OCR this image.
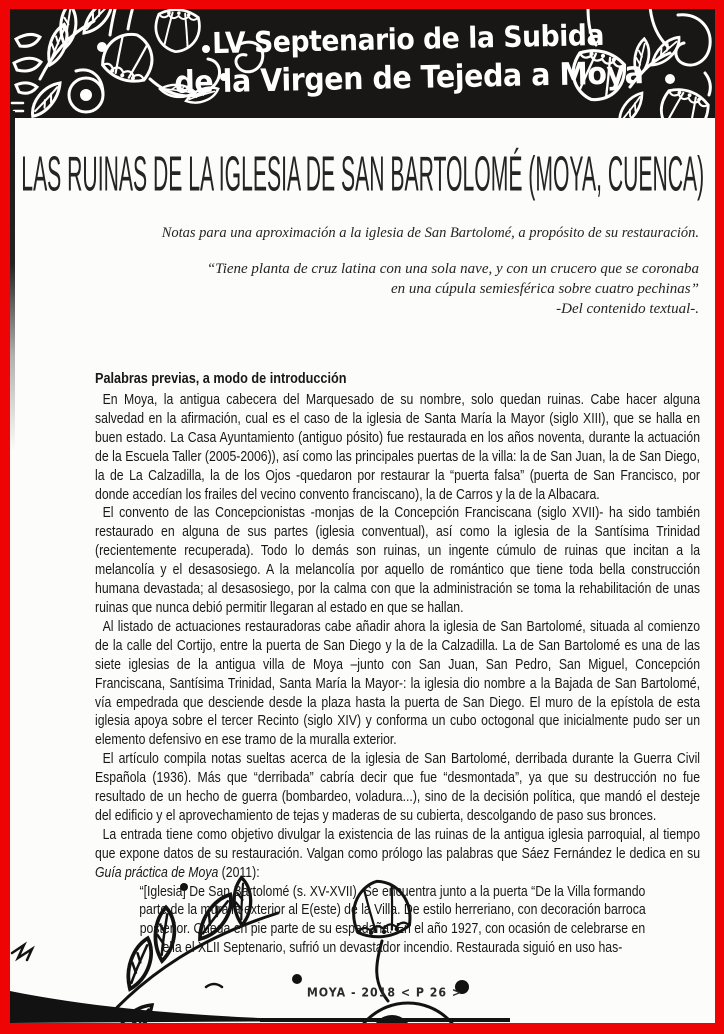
LV Septenario de la Subida
de la Virgen de Tejeda a Moya
LAS RUINAS DE LA IGLESIA DE SAN BARTOLOMÉ (MOYA, CUENCA)

Notas para una aproximación a la iglesia de San Bartolomé, a propósito de su restauración.

“Tiene planta de cruz latina con una sola nave, y con un crucero que se coronaba
en una cúpula semiesférica sobre cuatro pechinas”
-Del contenido textual-.
Palabras previas, a modo de introducción

En Moya, la antigua cabecera del Marquesado de su nombre, solo quedan ruinas. Cabe hacer alguna salvedad en la afirmación, cual es el caso de la iglesia de Santa María la Mayor (siglo XIII), que se halla en buen estado. La Casa Ayuntamiento (antiguo pósito) fue restaurada en los años noventa, durante la actuación de la Escuela Taller (2005-2006)), así como las principales puertas de la villa: la de San Juan, la de San Diego, la de La Calzadilla, la de los Ojos -quedaron por restaurar la “puerta falsa” (puerta de San Francisco, por donde accedían los frailes del vecino convento franciscano), la de Carros y la de la Albacara.

El convento de las Concepcionistas -monjas de la Concepción Franciscana (siglo XVII)- ha sido también restaurado en alguna de sus partes (iglesia conventual), así como la iglesia de la Santísima Trinidad (recientemente recuperada). Todo lo demás son ruinas, un ingente cúmulo de ruinas que incitan a la melancolía y el desasosiego. A la melancolía por aquello de romántico que tiene toda bella construcción humana devastada; al desasosiego, por la calma con que la administración se toma la rehabilitación de unas ruinas que nunca debió permitir llegaran al estado en que se hallan.

Al listado de actuaciones restauradoras cabe añadir ahora la iglesia de San Bartolomé, situada al comienzo de la calle del Cortijo, entre la puerta de San Diego y la de la Calzadilla. La de San Bartolomé es una de las siete iglesias de la antigua villa de Moya –junto con San Juan, San Pedro, San Miguel, Concepción Franciscana, Santísima Trinidad, Santa María la Mayor-: la iglesia dio nombre a la Bajada de San Bartolomé, vía empedrada que desciende desde la plaza hasta la puerta de San Diego. El muro de la epístola de esta iglesia apoya sobre el tercer Recinto (siglo XIV) y conforma un cubo octogonal que inicialmente pudo ser un elemento defensivo en ese tramo de la muralla exterior.

El artículo compila notas sueltas acerca de la iglesia de San Bartolomé, derribada durante la Guerra Civil Española (1936). Más que “derribada” cabría decir que fue “desmontada”, ya que su destrucción no fue resultado de un hecho de guerra (bombardeo, voladura...), sino de la decisión política, que mandó el desteje del edificio y el aprovechamiento de tejas y maderas de su cubierta, descolgando de paso sus bronces.

La entrada tiene como objetivo divulgar la existencia de las ruinas de la antigua iglesia parroquial, al tiempo que expone datos de su restauración. Valgan como prólogo las palabras que Sáez Fernández le dedica en su Guía práctica de Moya (2011):

“[Iglesia] De San Bartolomé (s. XV-XVII). Se encuentra junto a la puerta “De la Villa formando parte de la muralla exterior al E(este) de la Villa. De estilo herreriano, con decoración barroca posterior. Queda en pie parte de su espadaña. En el año 1927, con ocasión de celebrarse en ella el XLII Septenario, sufrió un devastador incendio. Restaurada siguió en uso has-
MOYA - 2018 < P 26 >
